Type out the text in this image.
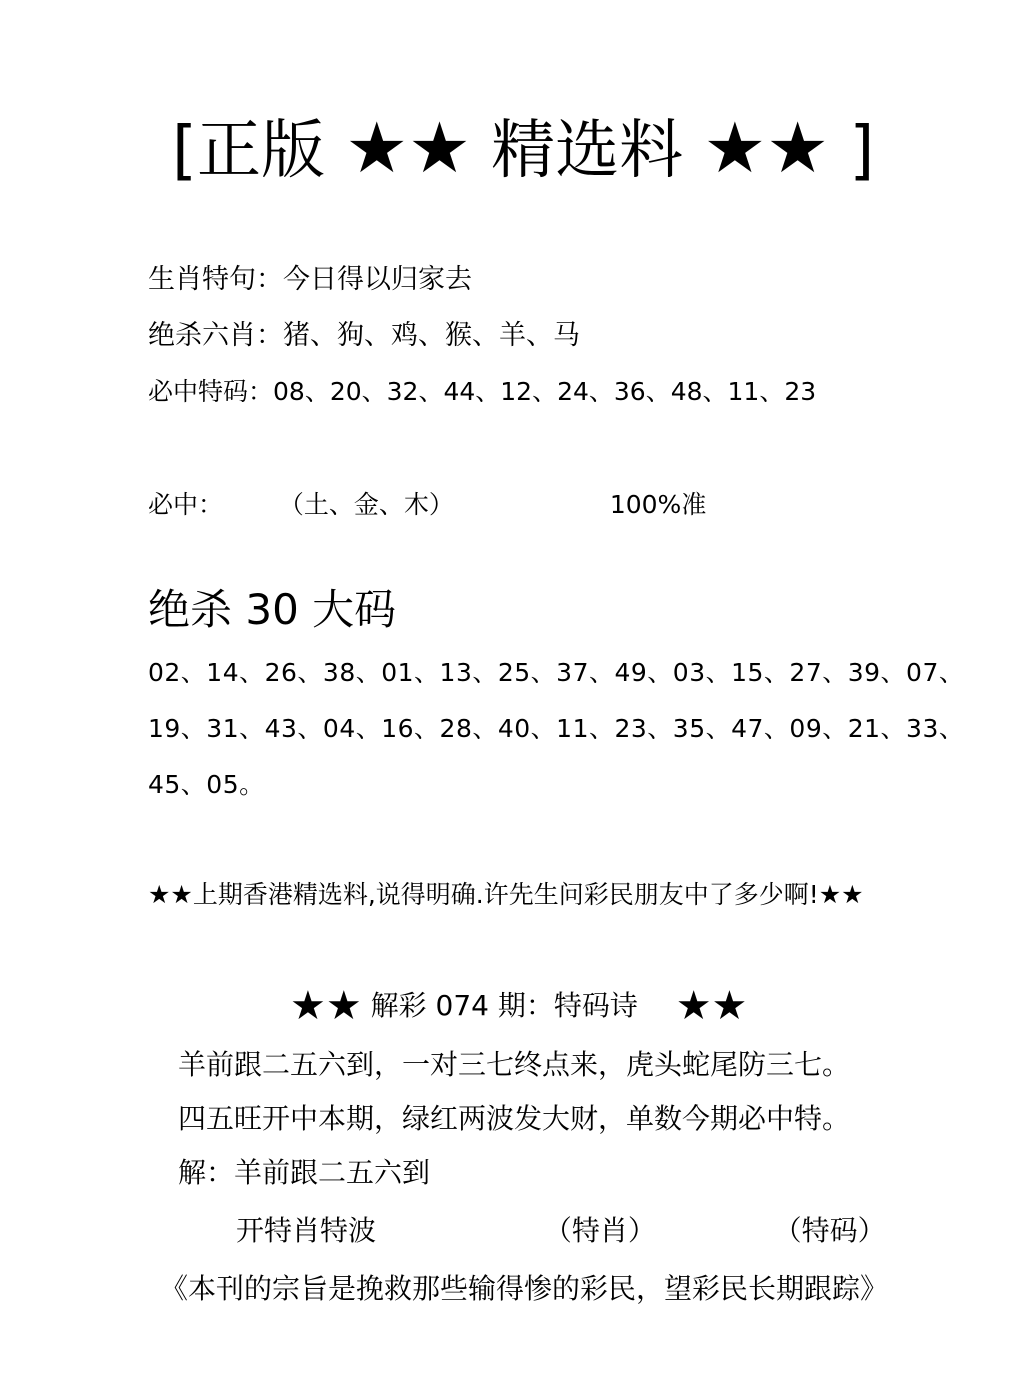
[正版 ★★ 精选料 ★★ ]
生肖特句：今日得以归家去
绝杀六肖：猪、狗、鸡、猴、羊、马
必中特码：08、20、32、44、12、24、36、48、11、23
必中： （土、金、木）	100%准
绝杀 30 大码
02、14、26、38、01、13、25、37、49、03、15、27、39、07、
19、31、43、04、16、28、40、11、23、35、47、09、21、33、
45、05。
★★上期香港精选料,说得明确.许先生问彩民朋友中了多少啊!★★
★★ 解彩 074 期：特码诗 ★★
羊前跟二五六到，一对三七终点来，虎头蛇尾防三七。
四五旺开中本期，绿红两波发大财，单数今期必中特。
解：羊前跟二五六到
开特肖特波	（特肖）	（特码）
《本刊的宗旨是挽救那些输得惨的彩民，望彩民长期跟踪》
